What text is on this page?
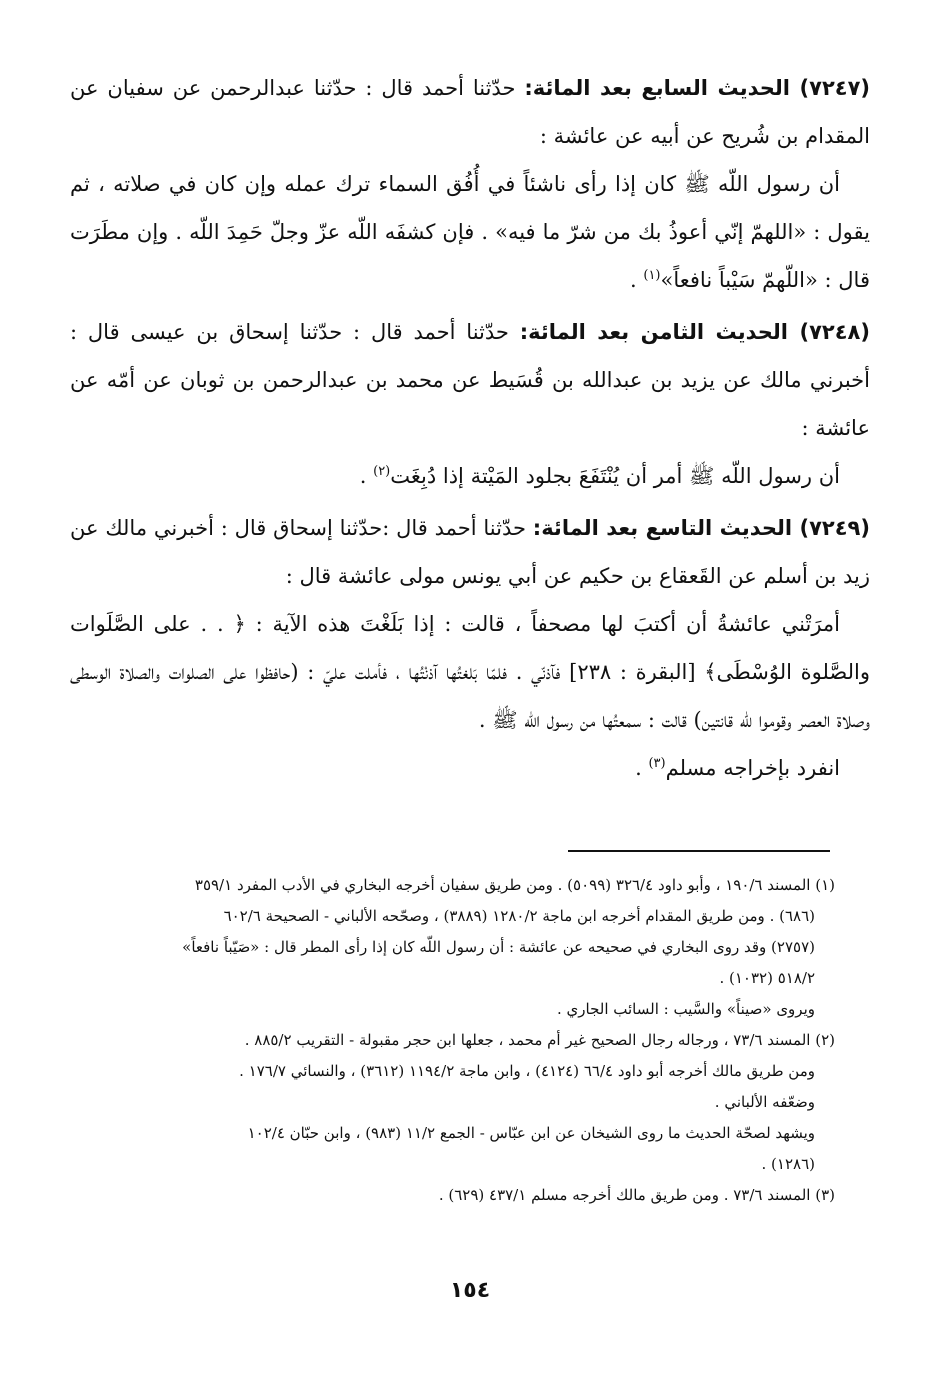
(٧٢٤٧) الحديث السابع بعد المائة: حدّثنا أحمد قال : حدّثنا عبدالرحمن عن سفيان عن المقدام بن شُريح عن أبيه عن عائشة :

أن رسول اللّه ﷺ كان إذا رأى ناشئاً في أُفُق السماء ترك عمله وإن كان في صلاته ، ثم يقول : «اللهمّ إنّي أعوذُ بك من شرّ ما فيه» . فإن كشفَه اللّه عزّ وجلّ حَمِدَ اللّه . وإن مطَرَت قال : «اللّهمّ سَيْباً نافعاً»$^{(١)}$ .

(٧٢٤٨) الحديث الثامن بعد المائة: حدّثنا أحمد قال : حدّثنا إسحاق بن عيسى قال : أخبرني مالك عن يزيد بن عبدالله بن قُسَيط عن محمد بن عبدالرحمن بن ثوبان عن أمّه عن عائشة :

أن رسول اللّه ﷺ أمر أن يُنْتَفَعَ بجلود المَيْتة إذا دُبِغَت$^{(٢)}$ .

(٧٢٤٩) الحديث التاسع بعد المائة: حدّثنا أحمد قال :حدّثنا إسحاق قال : أخبرني مالك عن زيد بن أسلم عن القَعقاع بن حكيم عن أبي يونس مولى عائشة قال :

أمرَتْني عائشةُ أن أكتبَ لها مصحفاً ، قالت : إذا بَلَغْتَ هذه الآية : ﴿ . . على الصَّلَوات والصَّلوة الوُسْطَى﴾ [البقرة : ٢٣٨] فآذنّي . فلمّا بَلغتُها آذنْتُها ، فأملت عليّ : (حافظوا على الصلوات والصلاة الوسطى وصلاة العصر وقوموا للّه قانتين) قالت : سمعتُها من رسول اللّه ﷺ .

انفرد بإخراجه مسلم$^{(٣)}$ .

(١) المسند ١٩٠/٦ ، وأبو داود ٣٢٦/٤ (٥٠٩٩) . ومن طريق سفيان أخرجه البخاري في الأدب المفرد ٣٥٩/١

(٦٨٦) . ومن طريق المقدام أخرجه ابن ماجة ١٢٨٠/٢ (٣٨٨٩) ، وصحّحه الألباني - الصحيحة ٦٠٢/٦

(٢٧٥٧) وقد روى البخاري في صحيحه عن عائشة : أن رسول اللّه كان إذا رأى المطر قال : «صَيّباً نافعاً»

٥١٨/٢ (١٠٣٢) .

ويروى «صيناً» والسَّيب : السائب الجاري .

(٢) المسند ٧٣/٦ ، ورجاله رجال الصحيح غير أم محمد ، جعلها ابن حجر مقبولة - التقريب ٨٨٥/٢ .

ومن طريق مالك أخرجه أبو داود ٦٦/٤ (٤١٢٤) ، وابن ماجة ١١٩٤/٢ (٣٦١٢) ، والنسائي ١٧٦/٧ .

وضعّفه الألباني .

ويشهد لصحّة الحديث ما روى الشيخان عن ابن عبّاس - الجمع ١١/٢ (٩٨٣) ، وابن حبّان ١٠٢/٤

(١٢٨٦) .

(٣) المسند ٧٣/٦ . ومن طريق مالك أخرجه مسلم ٤٣٧/١ (٦٢٩) .

١٥٤
